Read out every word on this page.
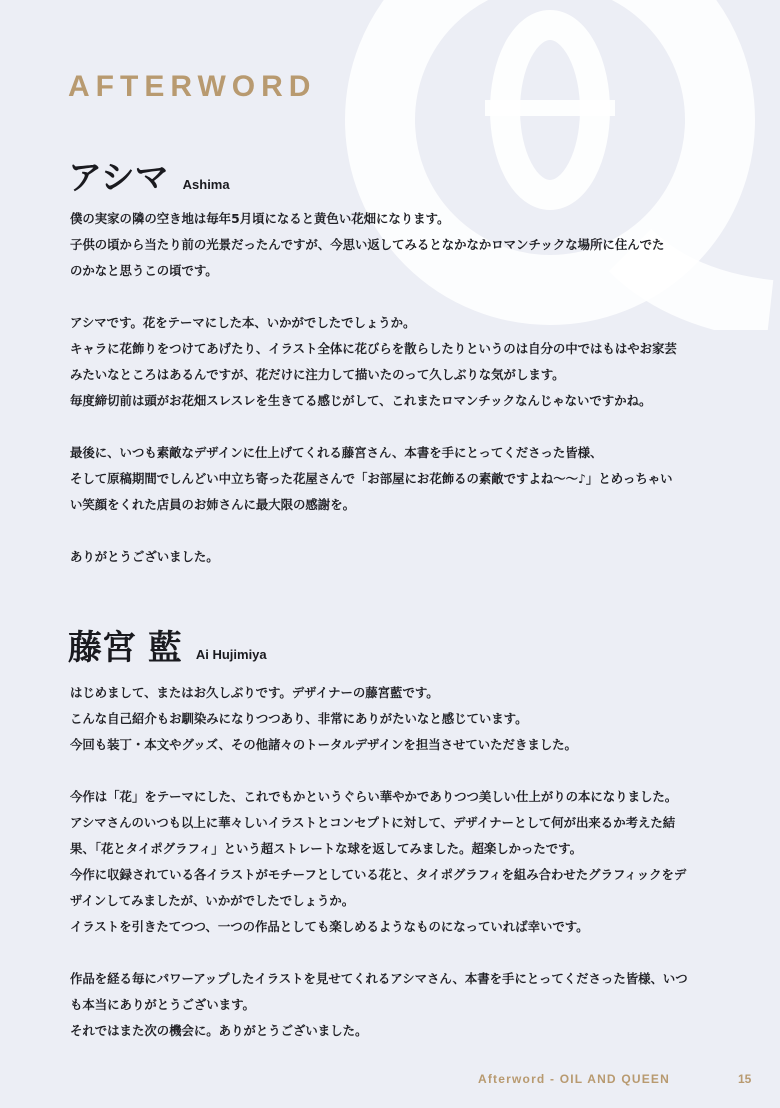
AFTERWORD
アシマ Ashima
僕の実家の隣の空き地は毎年5月頃になると黄色い花畑になります。
子供の頃から当たり前の光景だったんですが、今思い返してみるとなかなかロマンチックな場所に住んでた
のかなと思うこの頃です。
アシマです。花をテーマにした本、いかがでしたでしょうか。
キャラに花飾りをつけてあげたり、イラスト全体に花びらを散らしたりというのは自分の中ではもはやお家芸
みたいなところはあるんですが、花だけに注力して描いたのって久しぶりな気がします。
毎度締切前は頭がお花畑スレスレを生きてる感じがして、これまたロマンチックなんじゃないですかね。
最後に、いつも素敵なデザインに仕上げてくれる藤宮さん、本書を手にとってくださった皆様、
そして原稿期間でしんどい中立ち寄った花屋さんで「お部屋にお花飾るの素敵ですよね～～♪」とめっちゃい
い笑顔をくれた店員のお姉さんに最大限の感謝を。
ありがとうございました。
藤宮 藍 Ai Hujimiya
はじめまして、またはお久しぶりです。デザイナーの藤宮藍です。
こんな自己紹介もお馴染みになりつつあり、非常にありがたいなと感じています。
今回も装丁・本文やグッズ、その他諸々のトータルデザインを担当させていただきました。
今作は「花」をテーマにした、これでもかというぐらい華やかでありつつ美しい仕上がりの本になりました。
アシマさんのいつも以上に華々しいイラストとコンセプトに対して、デザイナーとして何が出来るか考えた結
果、「花とタイポグラフィ」という超ストレートな球を返してみました。超楽しかったです。
今作に収録されている各イラストがモチーフとしている花と、タイポグラフィを組み合わせたグラフィックをデ
ザインしてみましたが、いかがでしたでしょうか。
イラストを引きたてつつ、一つの作品としても楽しめるようなものになっていれば幸いです。
作品を経る毎にパワーアップしたイラストを見せてくれるアシマさん、本書を手にとってくださった皆様、いつ
も本当にありがとうございます。
それではまた次の機会に。ありがとうございました。
Afterword - OIL AND QUEEN	15
